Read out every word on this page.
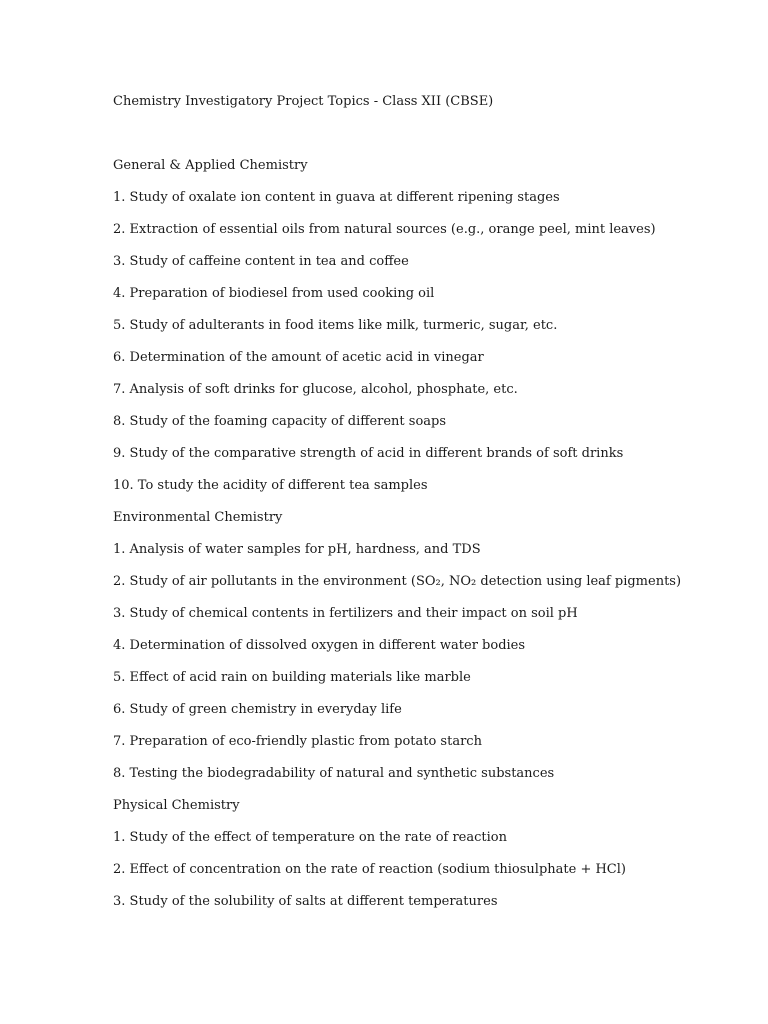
Chemistry Investigatory Project Topics - Class XII (CBSE)

General & Applied Chemistry

1. Study of oxalate ion content in guava at different ripening stages

2. Extraction of essential oils from natural sources (e.g., orange peel, mint leaves)

3. Study of caffeine content in tea and coffee

4. Preparation of biodiesel from used cooking oil

5. Study of adulterants in food items like milk, turmeric, sugar, etc.

6. Determination of the amount of acetic acid in vinegar

7. Analysis of soft drinks for glucose, alcohol, phosphate, etc.

8. Study of the foaming capacity of different soaps

9. Study of the comparative strength of acid in different brands of soft drinks

10. To study the acidity of different tea samples

Environmental Chemistry

1. Analysis of water samples for pH, hardness, and TDS

2. Study of air pollutants in the environment (SO₂, NO₂ detection using leaf pigments)

3. Study of chemical contents in fertilizers and their impact on soil pH

4. Determination of dissolved oxygen in different water bodies

5. Effect of acid rain on building materials like marble

6. Study of green chemistry in everyday life

7. Preparation of eco-friendly plastic from potato starch

8. Testing the biodegradability of natural and synthetic substances

Physical Chemistry

1. Study of the effect of temperature on the rate of reaction

2. Effect of concentration on the rate of reaction (sodium thiosulphate + HCl)

3. Study of the solubility of salts at different temperatures
